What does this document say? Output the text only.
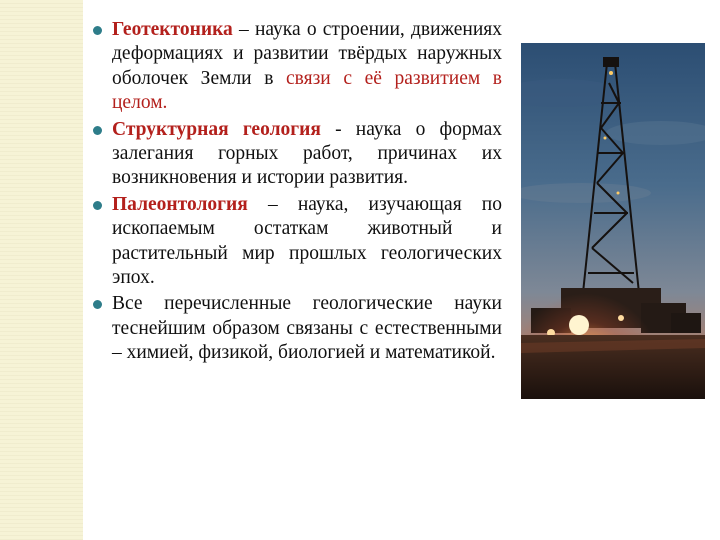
Геотектоника – наука о строении, движениях деформациях и развитии твёрдых наружных оболочек Земли в связи с её развитием в целом.
Структурная геология - наука о формах залегания горных работ, причинах их возникновения и истории развития.
Палеонтология – наука, изучающая по ископаемым остаткам животный и растительный мир прошлых геологических эпох.
Все перечисленные геологические науки теснейшим образом связаны с естественными – химией, физикой, биологией и математикой.
